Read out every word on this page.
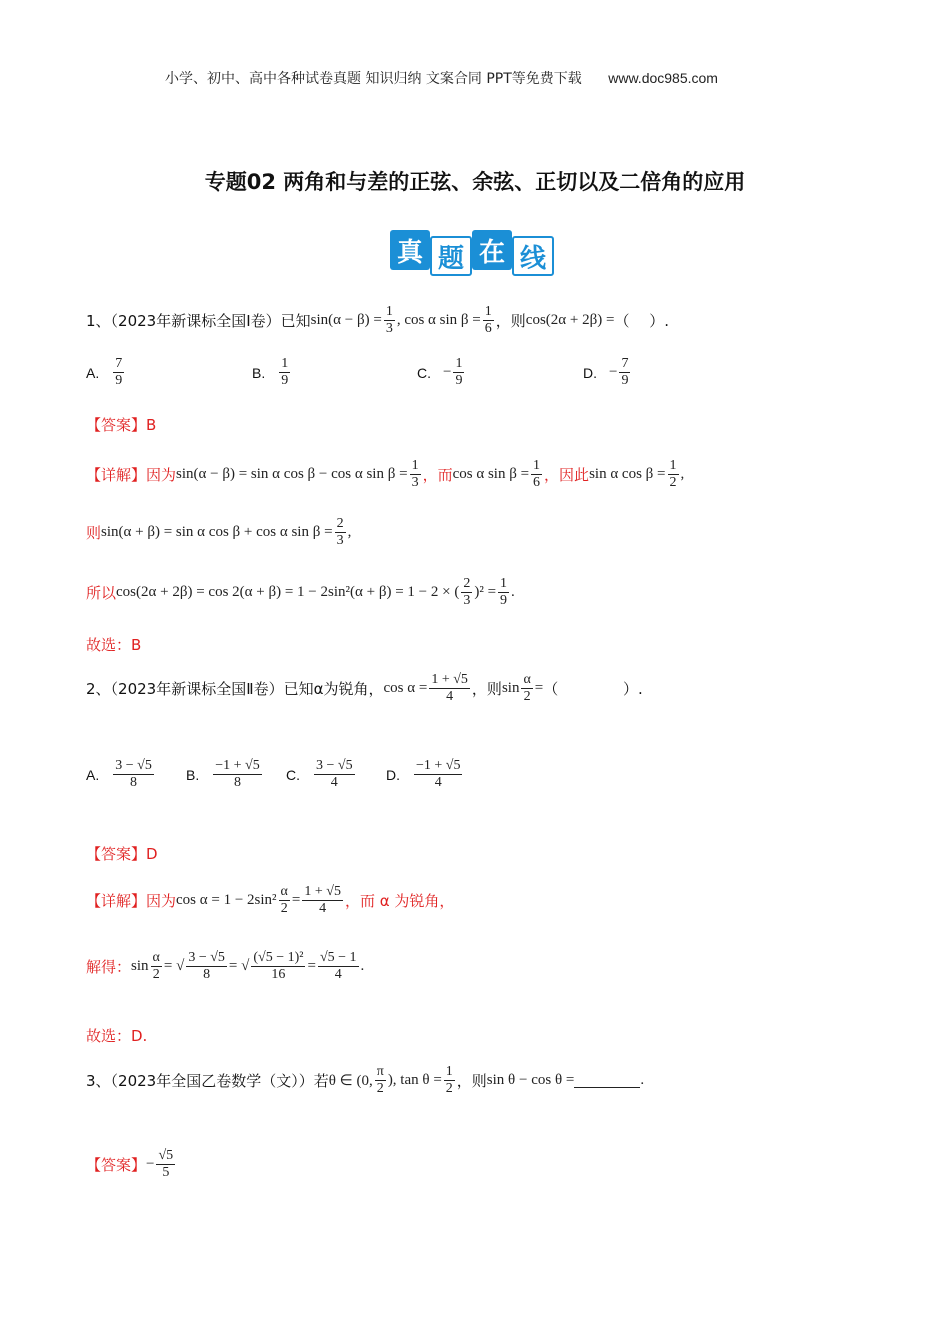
小学、初中、高中各种试卷真题 知识归纳 文案合同 PPT等免费下载 www.doc985.com
专题02 两角和与差的正弦、余弦、正切以及二倍角的应用
真 题 在 线
1、（2023年新课标全国Ⅰ卷）已知 $\sin(\alpha - \beta) = \frac{1}{3}$ , cos α $\sin \beta = \frac{1}{6}$ ，则 cos(2α + 2β) = （　 ）.
【答案】B
【详解】因为 sin(α − β) = sin α cos β − cos α $\sin \beta = \frac{1}{3}$ ，而 cos α $\sin \beta = \frac{1}{6}$ ，因此 sin α $\cos \beta = \frac{1}{2}$ ,
则 sin(α + β) = sin α cos β + cos α $\sin \beta = \frac{2}{3}$ ,
所以 cos(2α + 2β) = cos 2(α + β) = 1 − 2sin²(α + β) = 1 − 2 × ( $\frac{2}{3} )^2 = \frac{1}{9}$ .
故选：B
2、（2023年新课标全国Ⅱ卷）已知α为锐角， $\cos \alpha = \frac{1 + √5}{4}$ ，则 $\sin \frac{\alpha}{2}$ = （　　　　 ）.
【答案】D
【详解】因为 $\cos \alpha = 1 - 2\sin^2 \frac{\alpha}{2} = \frac{1 + √5}{4}$ ，而 α 为锐角，
解得： $\sin \frac{\alpha}{2}$ = √ $\frac{3 - √5}{8}$ = √ $\frac{\text{(√5 − 1)²}}{16} = \frac{√5 - 1}{4}$ .
故选：D.
3、（2023年全国乙卷数学（文））若 θ ∈ (0, $\frac{\pi}{2}$ ), $\tan \theta = \frac{1}{2}$ ，则 sin θ − cos θ =	.
【答案】 − $\frac{√5}{5}$
A. $\frac{7}{9}$	B. $\frac{1}{9}$	C. − $\frac{1}{9}$	D. − $\frac{7}{9}$
A. $\frac{3 - √5}{8} B$. $\frac{-1 + √5}{8} C$. $\frac{3 - √5}{4} D$. $\frac{-1 + √5}{4}$
